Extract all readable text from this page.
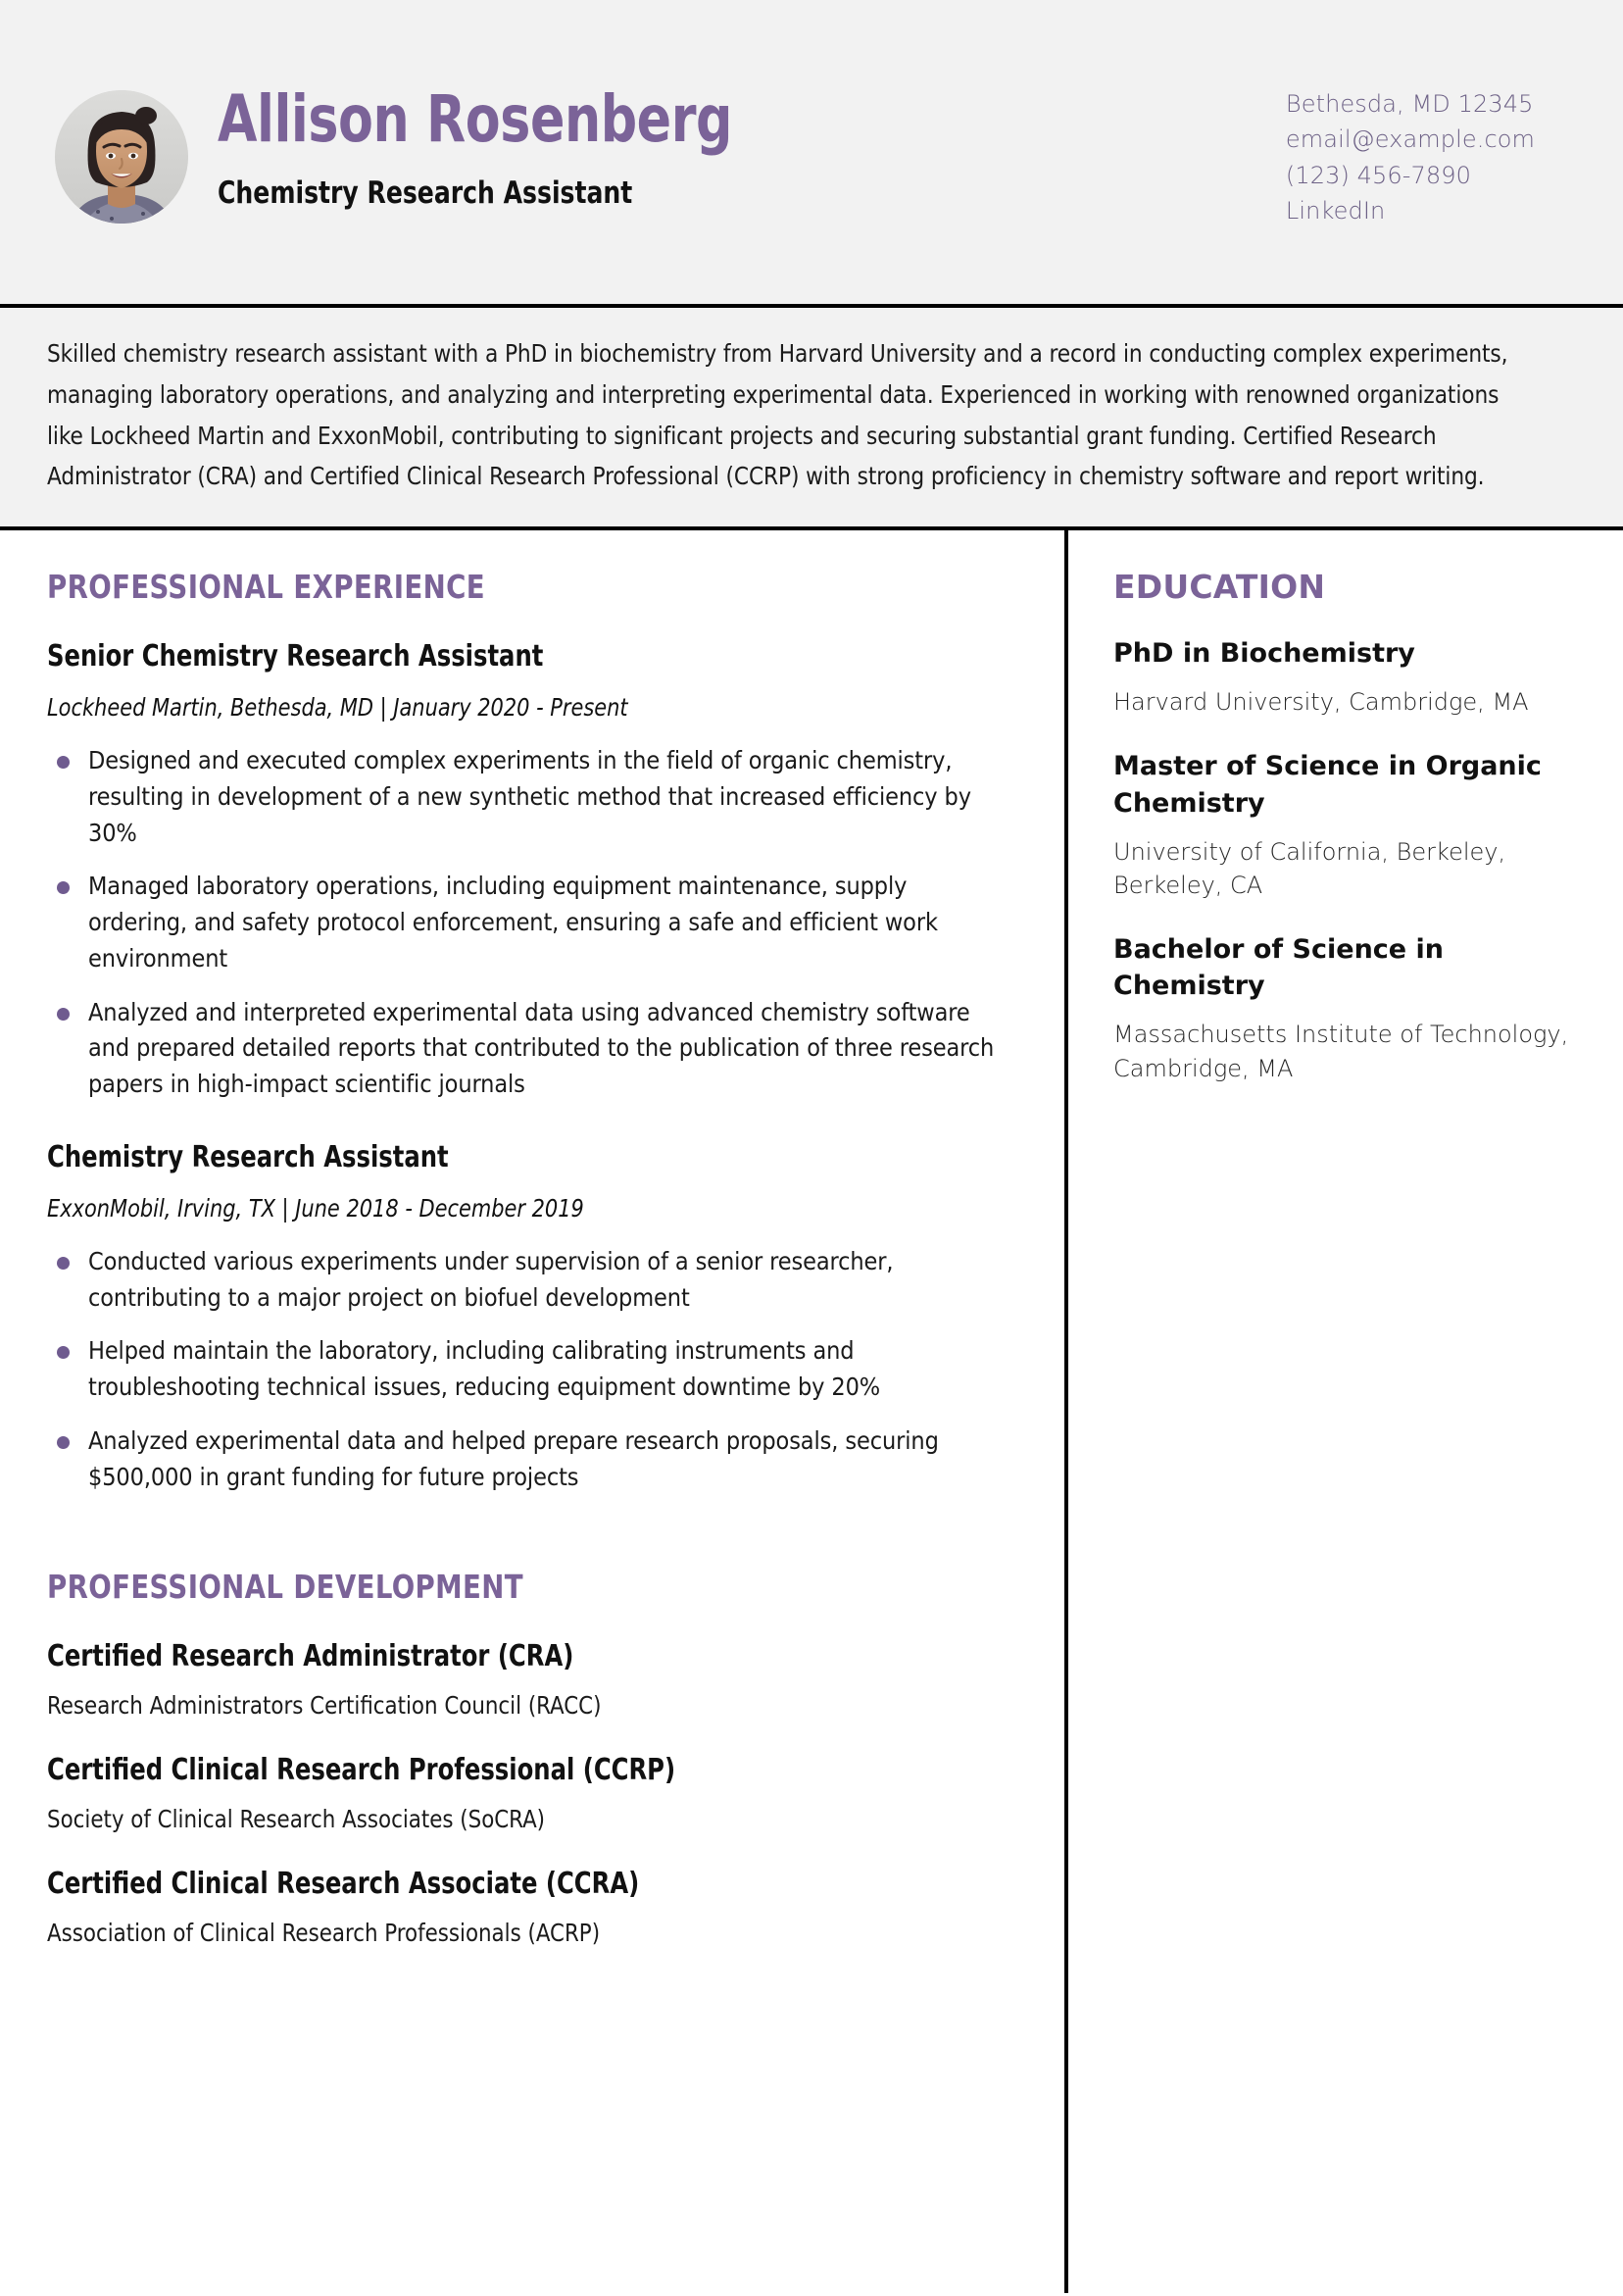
Allison Rosenberg
Chemistry Research Assistant
Bethesda, MD 12345
email@example.com
(123) 456-7890
LinkedIn
Skilled chemistry research assistant with a PhD in biochemistry from Harvard University and a record in conducting complex experiments, managing laboratory operations, and analyzing and interpreting experimental data. Experienced in working with renowned organizations like Lockheed Martin and ExxonMobil, contributing to significant projects and securing substantial grant funding. Certified Research Administrator (CRA) and Certified Clinical Research Professional (CCRP) with strong proficiency in chemistry software and report writing.
PROFESSIONAL EXPERIENCE
Senior Chemistry Research Assistant
Lockheed Martin, Bethesda, MD | January 2020 - Present
Designed and executed complex experiments in the field of organic chemistry, resulting in development of a new synthetic method that increased efficiency by 30%
Managed laboratory operations, including equipment maintenance, supply ordering, and safety protocol enforcement, ensuring a safe and efficient work environment
Analyzed and interpreted experimental data using advanced chemistry software and prepared detailed reports that contributed to the publication of three research papers in high-impact scientific journals
Chemistry Research Assistant
ExxonMobil, Irving, TX | June 2018 - December 2019
Conducted various experiments under supervision of a senior researcher, contributing to a major project on biofuel development
Helped maintain the laboratory, including calibrating instruments and troubleshooting technical issues, reducing equipment downtime by 20%
Analyzed experimental data and helped prepare research proposals, securing $500,000 in grant funding for future projects
PROFESSIONAL DEVELOPMENT
Certified Research Administrator (CRA)
Research Administrators Certification Council (RACC)
Certified Clinical Research Professional (CCRP)
Society of Clinical Research Associates (SoCRA)
Certified Clinical Research Associate (CCRA)
Association of Clinical Research Professionals (ACRP)
EDUCATION
PhD in Biochemistry
Harvard University, Cambridge, MA
Master of Science in Organic Chemistry
University of California, Berkeley, Berkeley, CA
Bachelor of Science in Chemistry
Massachusetts Institute of Technology, Cambridge, MA
